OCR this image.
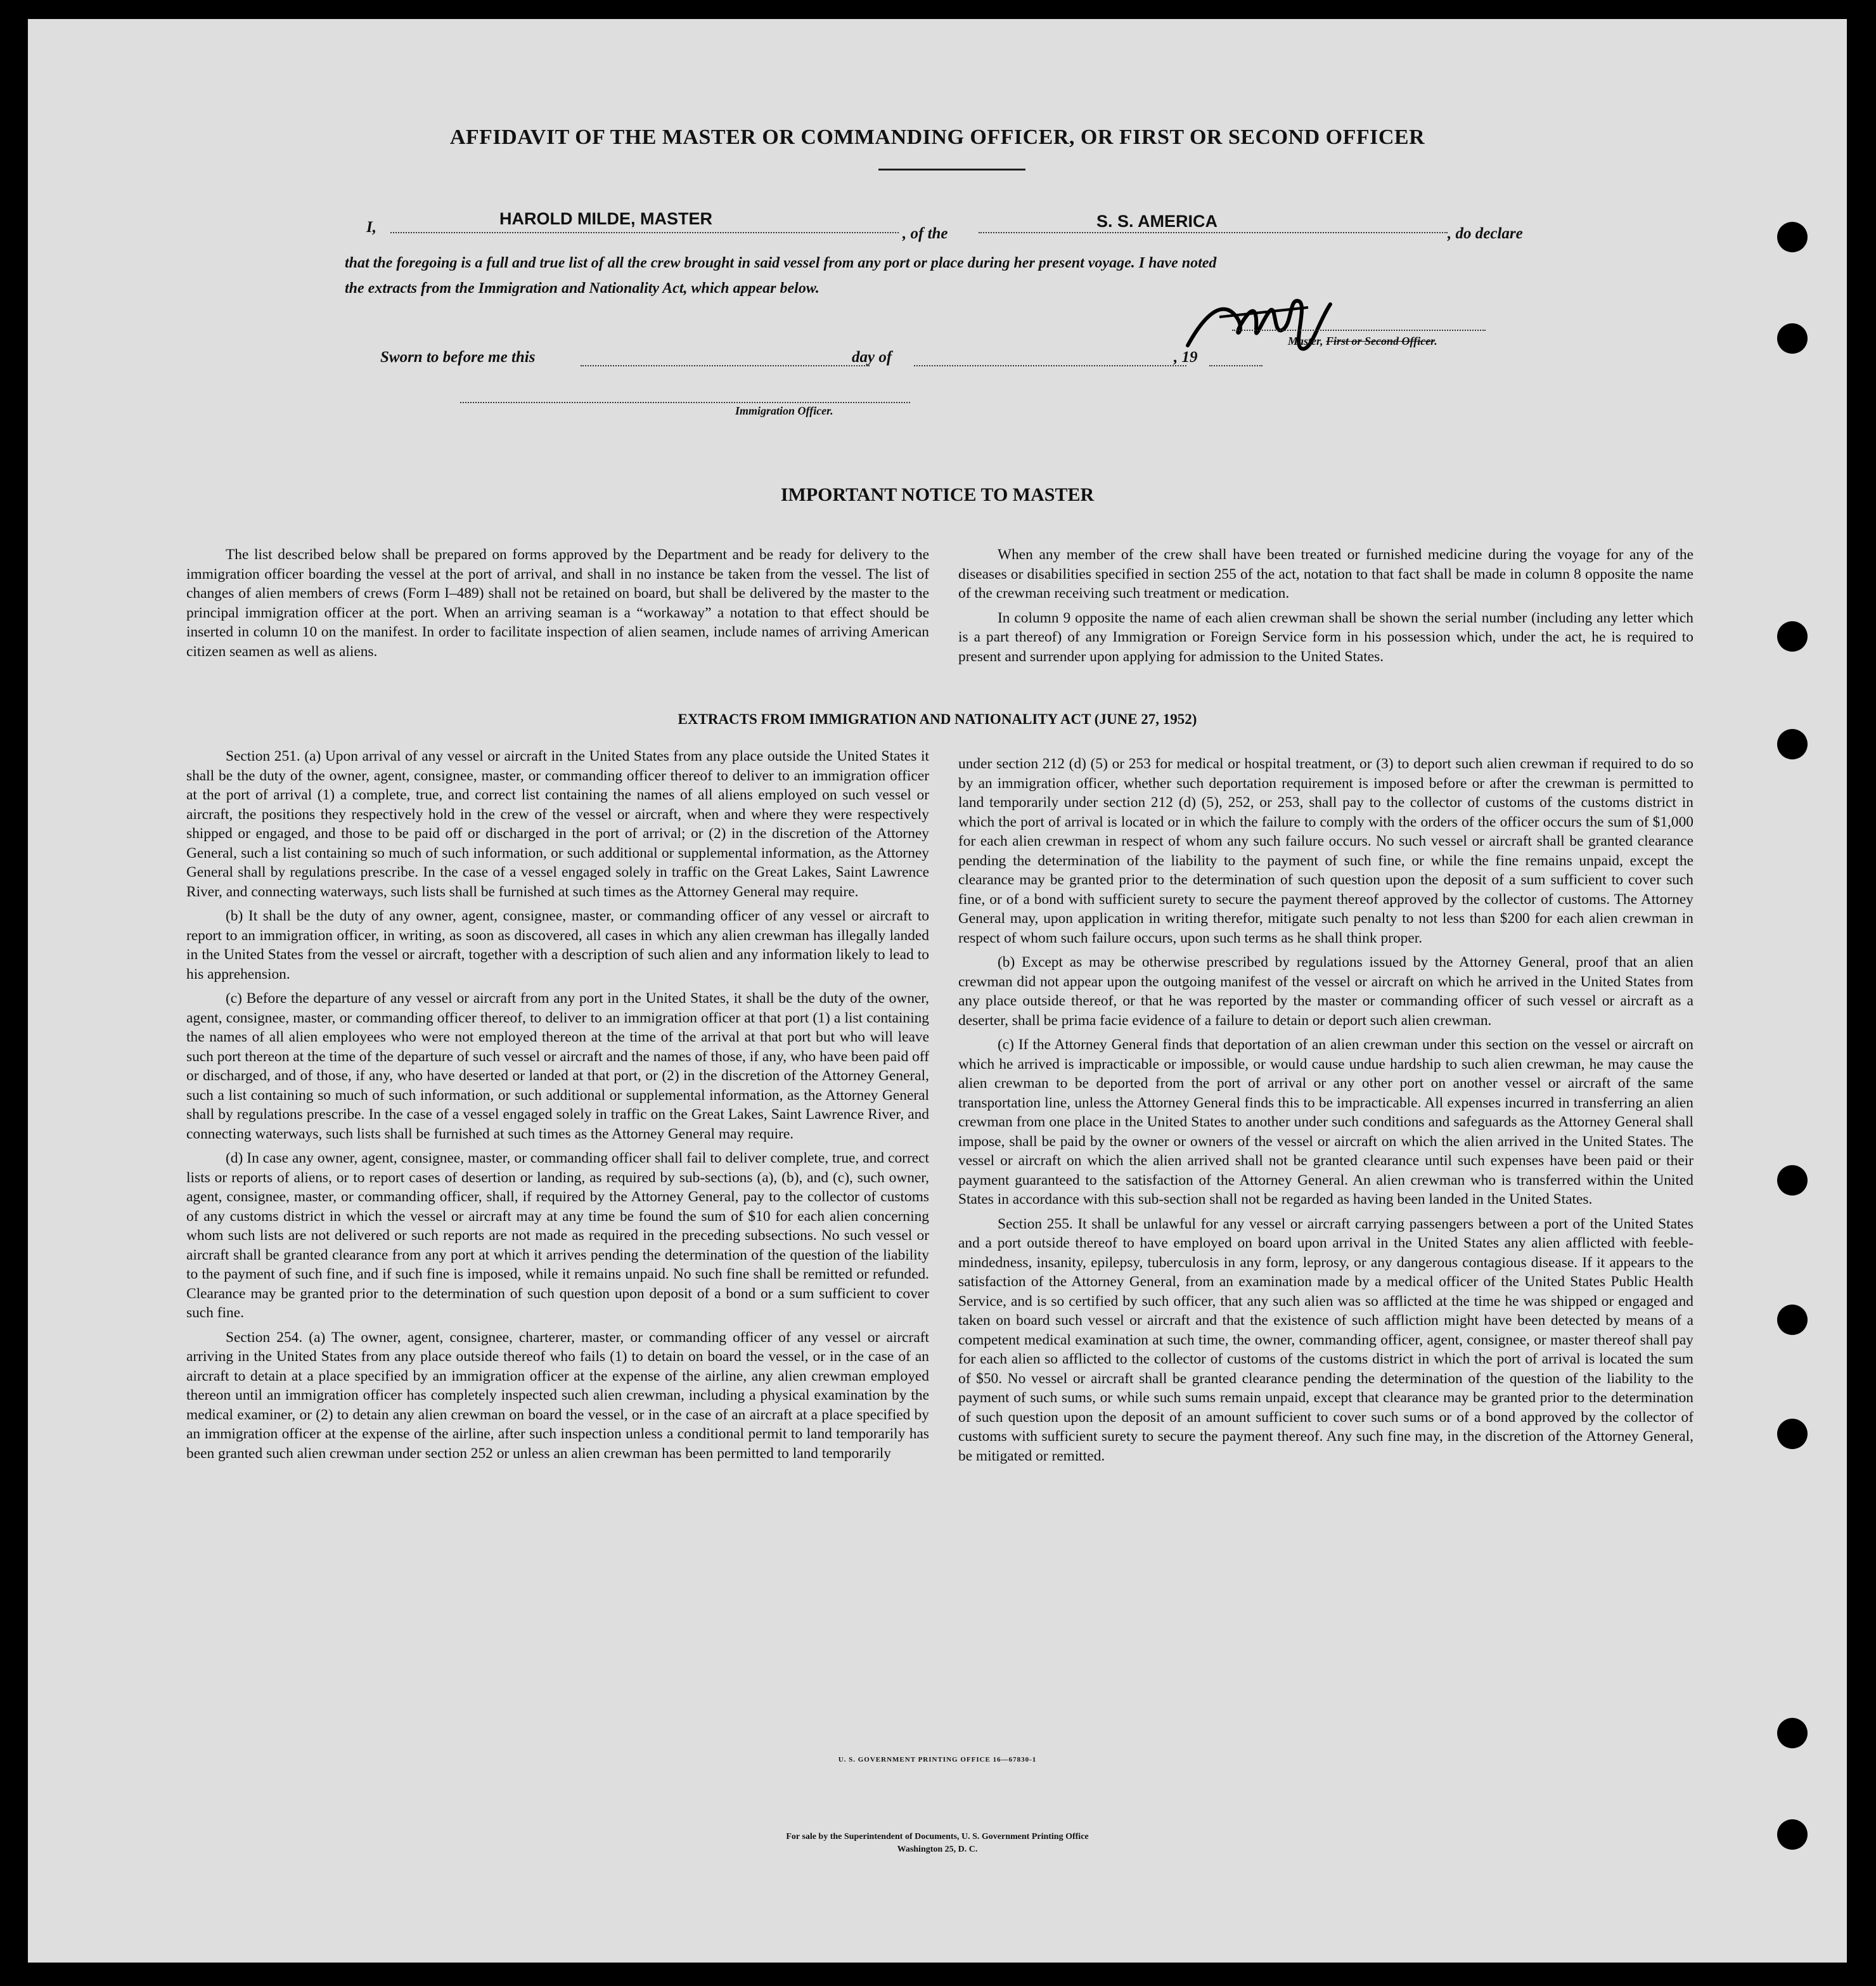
AFFIDAVIT OF THE MASTER OR COMMANDING OFFICER, OR FIRST OR SECOND OFFICER
I,	HAROLD MILDE, MASTER
, of the
S. S. AMERICA
, do declare
that the foregoing is a full and true list of all the crew brought in said vessel from any port or place during her present voyage. I have noted
the extracts from the Immigration and Nationality Act, which appear below.
Master, First or Second Officer.
Sworn to before me this	day of	, 19
Immigration Officer.
IMPORTANT NOTICE TO MASTER

The list described below shall be prepared on forms approved by the Department and be ready for delivery to the immigration officer boarding the vessel at the port of arrival, and shall in no instance be taken from the vessel. The list of changes of alien members of crews (Form I–489) shall not be retained on board, but shall be delivered by the master to the principal immigration officer at the port. When an arriving seaman is a “workaway” a notation to that effect should be inserted in column 10 on the manifest. In order to facilitate inspection of alien seamen, include names of arriving American citizen seamen as well as aliens.

When any member of the crew shall have been treated or furnished medicine during the voyage for any of the diseases or disabilities specified in section 255 of the act, notation to that fact shall be made in column 8 opposite the name of the crewman receiving such treatment or medication.

In column 9 opposite the name of each alien crewman shall be shown the serial number (including any letter which is a part thereof) of any Immigration or Foreign Service form in his possession which, under the act, he is required to present and surrender upon applying for admission to the United States.

EXTRACTS FROM IMMIGRATION AND NATIONALITY ACT (JUNE 27, 1952)

Section 251. (a) Upon arrival of any vessel or aircraft in the United States from any place outside the United States it shall be the duty of the owner, agent, consignee, master, or commanding officer thereof to deliver to an immigration officer at the port of arrival (1) a complete, true, and correct list containing the names of all aliens employed on such vessel or aircraft, the positions they respectively hold in the crew of the vessel or aircraft, when and where they were respectively shipped or engaged, and those to be paid off or discharged in the port of arrival; or (2) in the discretion of the Attorney General, such a list containing so much of such information, or such additional or supplemental information, as the Attorney General shall by regulations prescribe. In the case of a vessel engaged solely in traffic on the Great Lakes, Saint Lawrence River, and connecting waterways, such lists shall be furnished at such times as the Attorney General may require.

(b) It shall be the duty of any owner, agent, consignee, master, or commanding officer of any vessel or aircraft to report to an immigration officer, in writing, as soon as discovered, all cases in which any alien crewman has illegally landed in the United States from the vessel or aircraft, together with a description of such alien and any information likely to lead to his apprehension.

(c) Before the departure of any vessel or aircraft from any port in the United States, it shall be the duty of the owner, agent, consignee, master, or commanding officer thereof, to deliver to an immigration officer at that port (1) a list containing the names of all alien employees who were not employed thereon at the time of the arrival at that port but who will leave such port thereon at the time of the departure of such vessel or aircraft and the names of those, if any, who have been paid off or discharged, and of those, if any, who have deserted or landed at that port, or (2) in the discretion of the Attorney General, such a list containing so much of such information, or such additional or supplemental information, as the Attorney General shall by regulations prescribe. In the case of a vessel engaged solely in traffic on the Great Lakes, Saint Lawrence River, and connecting waterways, such lists shall be furnished at such times as the Attorney General may require.

(d) In case any owner, agent, consignee, master, or commanding officer shall fail to deliver complete, true, and correct lists or reports of aliens, or to report cases of desertion or landing, as required by sub-sections (a), (b), and (c), such owner, agent, consignee, master, or commanding officer, shall, if required by the Attorney General, pay to the collector of customs of any customs district in which the vessel or aircraft may at any time be found the sum of $10 for each alien concerning whom such lists are not delivered or such reports are not made as required in the preceding subsections. No such vessel or aircraft shall be granted clearance from any port at which it arrives pending the determination of the question of the liability to the payment of such fine, and if such fine is imposed, while it remains unpaid. No such fine shall be remitted or refunded. Clearance may be granted prior to the determination of such question upon deposit of a bond or a sum sufficient to cover such fine.

Section 254. (a) The owner, agent, consignee, charterer, master, or commanding officer of any vessel or aircraft arriving in the United States from any place outside thereof who fails (1) to detain on board the vessel, or in the case of an aircraft to detain at a place specified by an immigration officer at the expense of the airline, any alien crewman employed thereon until an immigration officer has completely inspected such alien crewman, including a physical examination by the medical examiner, or (2) to detain any alien crewman on board the vessel, or in the case of an aircraft at a place specified by an immigration officer at the expense of the airline, after such inspection unless a conditional permit to land temporarily has been granted such alien crewman under section 252 or unless an alien crewman has been permitted to land temporarily

under section 212 (d) (5) or 253 for medical or hospital treatment, or (3) to deport such alien crewman if required to do so by an immigration officer, whether such deportation requirement is imposed before or after the crewman is permitted to land temporarily under section 212 (d) (5), 252, or 253, shall pay to the collector of customs of the customs district in which the port of arrival is located or in which the failure to comply with the orders of the officer occurs the sum of $1,000 for each alien crewman in respect of whom any such failure occurs. No such vessel or aircraft shall be granted clearance pending the determination of the liability to the payment of such fine, or while the fine remains unpaid, except the clearance may be granted prior to the determination of such question upon the deposit of a sum sufficient to cover such fine, or of a bond with sufficient surety to secure the payment thereof approved by the collector of customs. The Attorney General may, upon application in writing therefor, mitigate such penalty to not less than $200 for each alien crewman in respect of whom such failure occurs, upon such terms as he shall think proper.

(b) Except as may be otherwise prescribed by regulations issued by the Attorney General, proof that an alien crewman did not appear upon the outgoing manifest of the vessel or aircraft on which he arrived in the United States from any place outside thereof, or that he was reported by the master or commanding officer of such vessel or aircraft as a deserter, shall be prima facie evidence of a failure to detain or deport such alien crewman.

(c) If the Attorney General finds that deportation of an alien crewman under this section on the vessel or aircraft on which he arrived is impracticable or impossible, or would cause undue hardship to such alien crewman, he may cause the alien crewman to be deported from the port of arrival or any other port on another vessel or aircraft of the same transportation line, unless the Attorney General finds this to be impracticable. All expenses incurred in transferring an alien crewman from one place in the United States to another under such conditions and safeguards as the Attorney General shall impose, shall be paid by the owner or owners of the vessel or aircraft on which the alien arrived in the United States. The vessel or aircraft on which the alien arrived shall not be granted clearance until such expenses have been paid or their payment guaranteed to the satisfaction of the Attorney General. An alien crewman who is transferred within the United States in accordance with this sub-section shall not be regarded as having been landed in the United States.

Section 255. It shall be unlawful for any vessel or aircraft carrying passengers between a port of the United States and a port outside thereof to have employed on board upon arrival in the United States any alien afflicted with feeble-mindedness, insanity, epilepsy, tuberculosis in any form, leprosy, or any dangerous contagious disease. If it appears to the satisfaction of the Attorney General, from an examination made by a medical officer of the United States Public Health Service, and is so certified by such officer, that any such alien was so afflicted at the time he was shipped or engaged and taken on board such vessel or aircraft and that the existence of such affliction might have been detected by means of a competent medical examination at such time, the owner, commanding officer, agent, consignee, or master thereof shall pay for each alien so afflicted to the collector of customs of the customs district in which the port of arrival is located the sum of $50. No vessel or aircraft shall be granted clearance pending the determination of the question of the liability to the payment of such sums, or while such sums remain unpaid, except that clearance may be granted prior to the determination of such question upon the deposit of an amount sufficient to cover such sums or of a bond approved by the collector of customs with sufficient surety to secure the payment thereof. Any such fine may, in the discretion of the Attorney General, be mitigated or remitted.

U. S. GOVERNMENT PRINTING OFFICE 16—67830-1
For sale by the Superintendent of Documents, U. S. Government Printing Office
Washington 25, D. C.
